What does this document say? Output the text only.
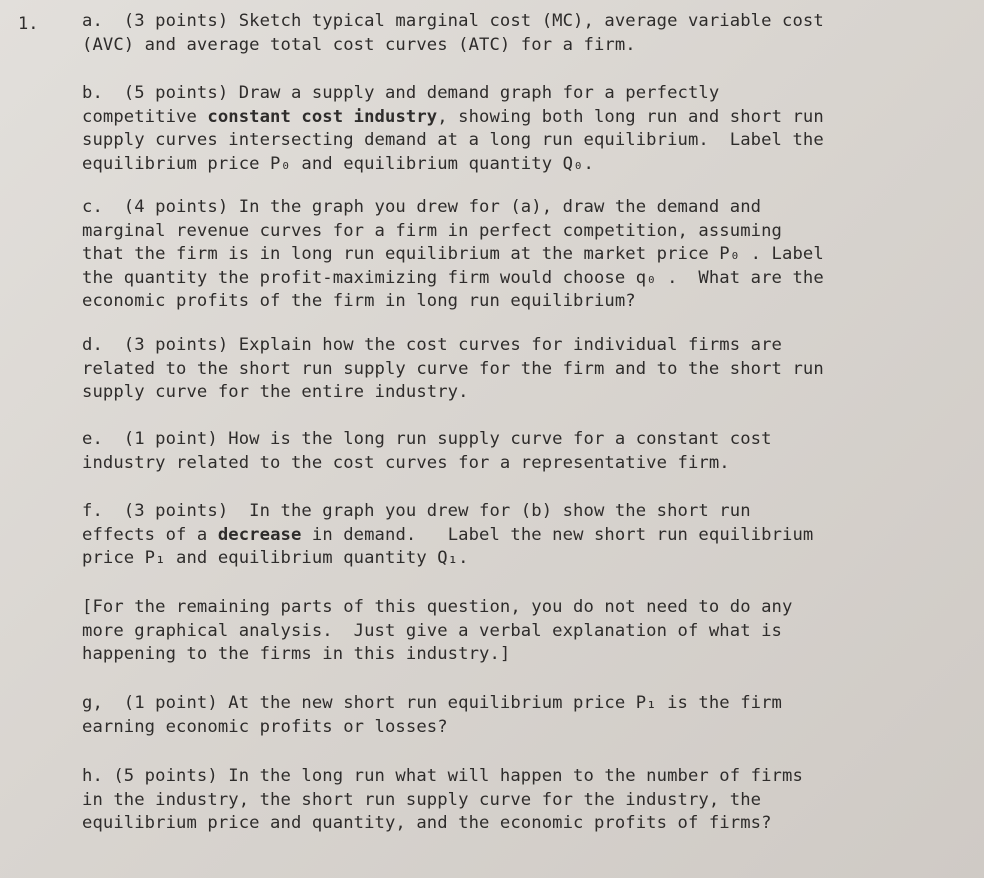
1.	a.  (3 points) Sketch typical marginal cost (MC), average variable cost

(AVC) and average total cost curves (ATC) for a firm.

b.  (5 points) Draw a supply and demand graph for a perfectly

competitive constant cost industry, showing both long run and short run

supply curves intersecting demand at a long run equilibrium.  Label the

equilibrium price P₀ and equilibrium quantity Q₀.

c.  (4 points) In the graph you drew for (a), draw the demand and

marginal revenue curves for a firm in perfect competition, assuming

that the firm is in long run equilibrium at the market price P₀ . Label

the quantity the profit-maximizing firm would choose q₀ .  What are the

economic profits of the firm in long run equilibrium?

d.  (3 points) Explain how the cost curves for individual firms are

related to the short run supply curve for the firm and to the short run

supply curve for the entire industry.

e.  (1 point) How is the long run supply curve for a constant cost

industry related to the cost curves for a representative firm.

f.  (3 points)  In the graph you drew for (b) show the short run

effects of a decrease in demand.   Label the new short run equilibrium

price P₁ and equilibrium quantity Q₁.

[For the remaining parts of this question, you do not need to do any

more graphical analysis.  Just give a verbal explanation of what is

happening to the firms in this industry.]

g,  (1 point) At the new short run equilibrium price P₁ is the firm

earning economic profits or losses?

h. (5 points) In the long run what will happen to the number of firms

in the industry, the short run supply curve for the industry, the

equilibrium price and quantity, and the economic profits of firms?
